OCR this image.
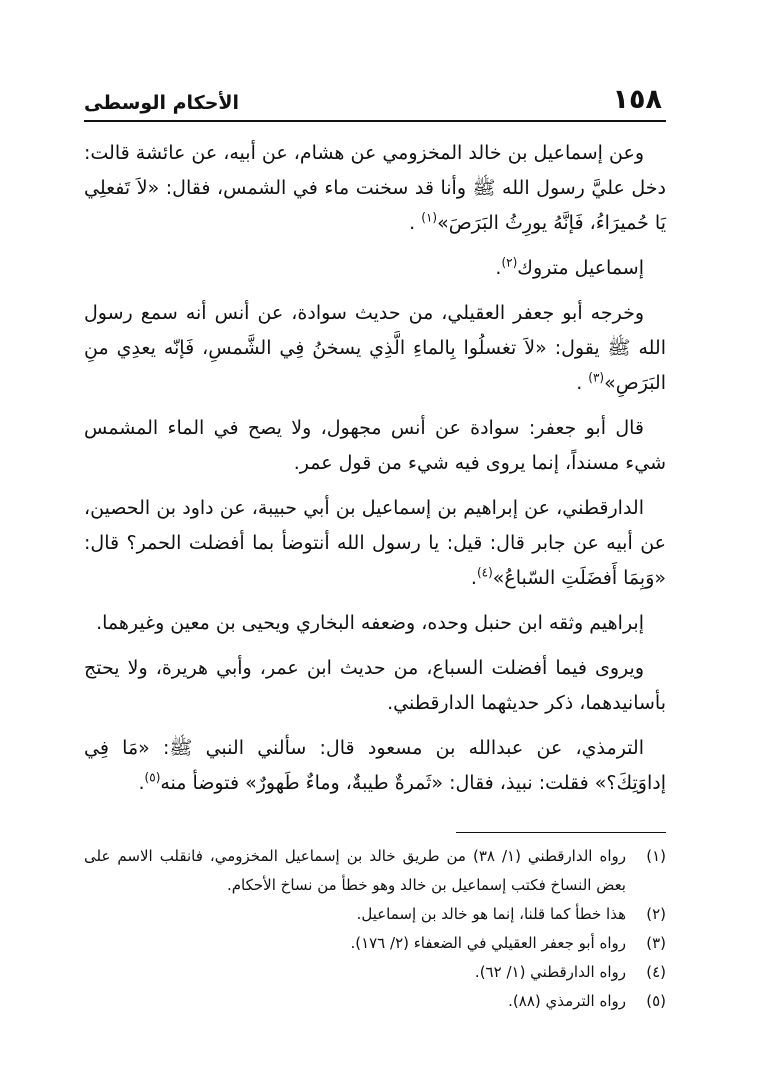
١٥٨
الأحكام الوسطى

وعن إسماعيل بن خالد المخزومي عن هشام، عن أبيه، عن عائشة قالت: دخل عليَّ رسول الله ﷺ وأنا قد سخنت ماء في الشمس، فقال: «لاَ تَفعلِي يَا حُميرَاءُ، فَإنَّهُ يورِثُ البَرَصَ»$^{(١)}$ .

إسماعيل متروك$^{(٢)}$.

وخرجه أبو جعفر العقيلي، من حديث سوادة، عن أنس أنه سمع رسول الله ﷺ يقول: «لاَ تغسلُوا بِالماءِ الَّذِي يسخنُ فِي الشَّمسِ، فَإنّه يعدِي منِ البَرَصِ»$^{(٣)}$ .

قال أبو جعفر: سوادة عن أنس مجهول، ولا يصح في الماء المشمس شيء مسنداً، إنما يروى فيه شيء من قول عمر.

الدارقطني، عن إبراهيم بن إسماعيل بن أبي حبيبة، عن داود بن الحصين، عن أبيه عن جابر قال: قيل: يا رسول الله أنتوضأ بما أفضلت الحمر؟ قال: «وَبِمَا أَفضَلَتِ السّباعُ»$^{(٤)}$.

إبراهيم وثقه ابن حنبل وحده، وضعفه البخاري ويحيى بن معين وغيرهما.

ويروى فيما أفضلت السباع، من حديث ابن عمر، وأبي هريرة، ولا يحتج بأسانيدهما، ذكر حديثهما الدارقطني.

الترمذي، عن عبدالله بن مسعود قال: سألني النبي ﷺ: «مَا فِي إداوَتِكَ؟» فقلت: نبيذ، فقال: «ثَمرةٌ طيبةٌ، وماءٌ طَهورٌ» فتوضأ منه$^{(٥)}$.

(١)
رواه الدارقطني (١/ ٣٨) من طريق خالد بن إسماعيل المخزومي، فانقلب الاسم على بعض النساخ فكتب إسماعيل بن خالد وهو خطأ من نساخ الأحكام.
(٢)
هذا خطأ كما قلنا، إنما هو خالد بن إسماعيل.
(٣)
رواه أبو جعفر العقيلي في الضعفاء (٢/ ١٧٦).
(٤)
رواه الدارقطني (١/ ٦٢).
(٥)
رواه الترمذي (٨٨).
